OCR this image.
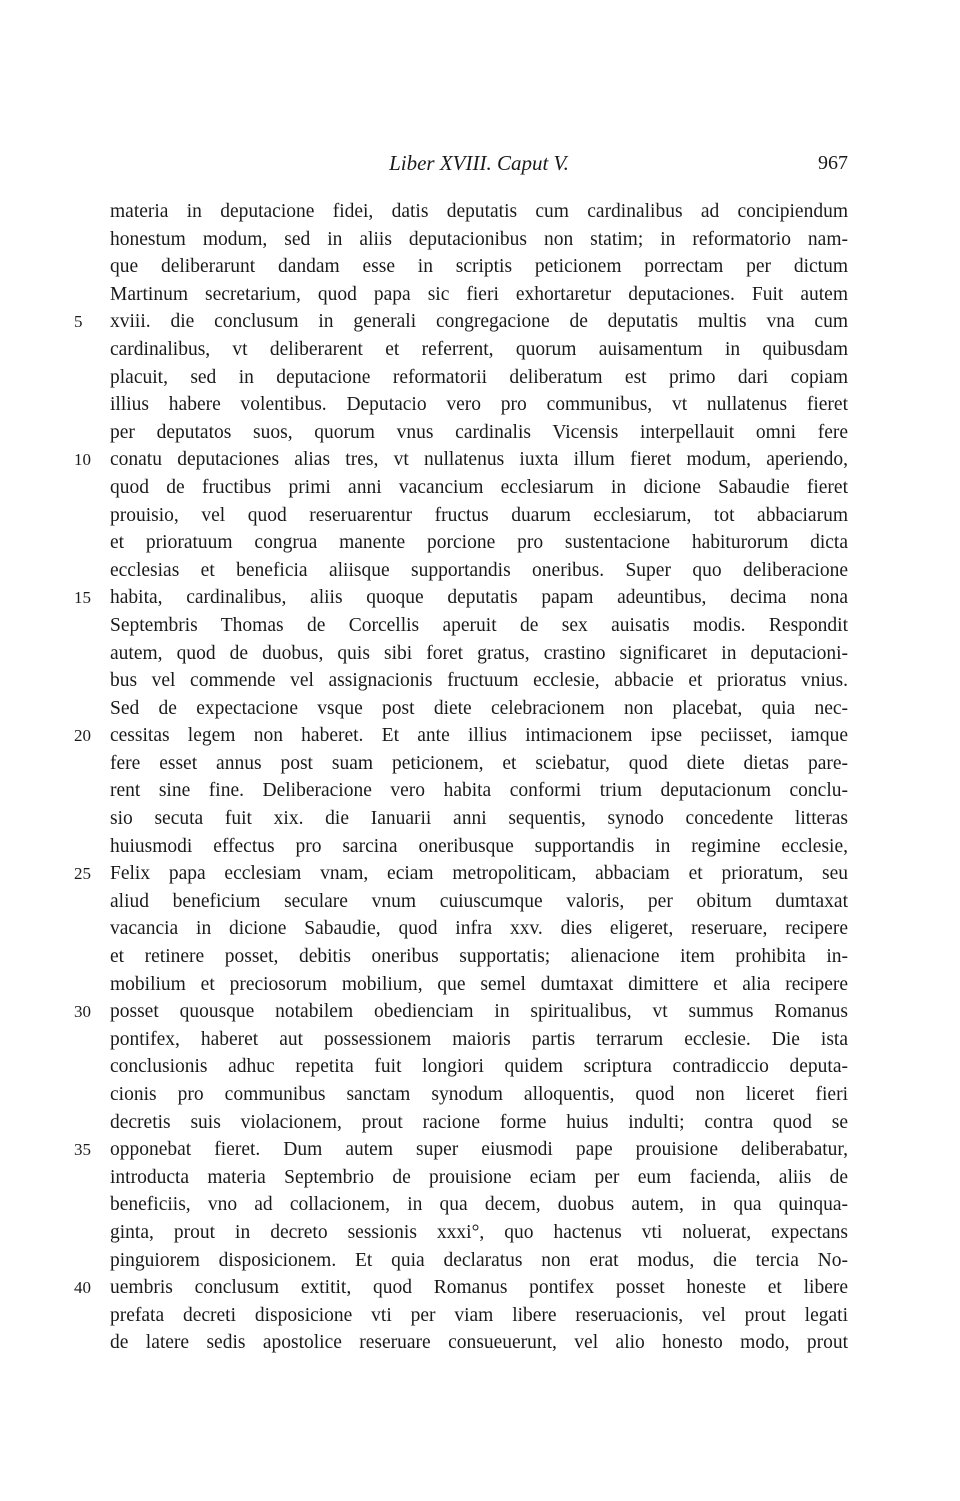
Liber XVIII. Caput V.	967
materia in deputacione fidei, datis deputatis cum cardinalibus ad concipiendum
honestum modum, sed in aliis deputacionibus non statim; in reformatorio nam-
que deliberarunt dandam esse in scriptis peticionem porrectam per dictum
Martinum secretarium, quod papa sic fieri exhortaretur deputaciones. Fuit autem
5	xviii. die conclusum in generali congregacione de deputatis multis vna cum
cardinalibus, vt deliberarent et referrent, quorum auisamentum in quibusdam
placuit, sed in deputacione reformatorii deliberatum est primo dari copiam
illius habere volentibus. Deputacio vero pro communibus, vt nullatenus fieret
per deputatos suos, quorum vnus cardinalis Vicensis interpellauit omni fere
10 conatu deputaciones alias tres, vt nullatenus iuxta illum fieret modum, aperiendo,
quod de fructibus primi anni vacancium ecclesiarum in dicione Sabaudie fieret
prouisio, vel quod reseruarentur fructus duarum ecclesiarum, tot abbaciarum
et prioratuum congrua manente porcione pro sustentacione habiturorum dicta
ecclesias et beneficia aliisque supportandis oneribus. Super quo deliberacione
15 habita, cardinalibus, aliis quoque deputatis papam adeuntibus, decima nona
Septembris Thomas de Corcellis aperuit de sex auisatis modis. Respondit
autem, quod de duobus, quis sibi foret gratus, crastino significaret in deputacioni-
bus vel commende vel assignacionis fructuum ecclesie, abbacie et prioratus vnius.
Sed de expectacione vsque post diete celebracionem non placebat, quia nec-
20 cessitas legem non haberet. Et ante illius intimacionem ipse peciisset, iamque
fere esset annus post suam peticionem, et sciebatur, quod diete dietas pare-
rent sine fine. Deliberacione vero habita conformi trium deputacionum conclu-
sio secuta fuit xix. die Ianuarii anni sequentis, synodo concedente litteras
huiusmodi effectus pro sarcina oneribusque supportandis in regimine ecclesie,
25 Felix papa ecclesiam vnam, eciam metropoliticam, abbaciam et prioratum, seu
aliud beneficium seculare vnum cuiuscumque valoris, per obitum dumtaxat
vacancia in dicione Sabaudie, quod infra xxv. dies eligeret, reseruare, recipere
et retinere posset, debitis oneribus supportatis; alienacione item prohibita in-
mobilium et preciosorum mobilium, que semel dumtaxat dimittere et alia recipere
30 posset quousque notabilem obedienciam in spiritualibus, vt summus Romanus
pontifex, haberet aut possessionem maioris partis terrarum ecclesie. Die ista
conclusionis adhuc repetita fuit longiori quidem scriptura contradiccio deputa-
cionis pro communibus sanctam synodum alloquentis, quod non liceret fieri
decretis suis violacionem, prout racione forme huius indulti; contra quod se
35 opponebat fieret. Dum autem super eiusmodi pape prouisione deliberabatur,
introducta materia Septembrio de prouisione eciam per eum facienda, aliis de
beneficiis, vno ad collacionem, in qua decem, duobus autem, in qua quinqua-
ginta, prout in decreto sessionis xxxi°, quo hactenus vti noluerat, expectans
pinguiorem disposicionem. Et quia declaratus non erat modus, die tercia No-
40 uembris conclusum extitit, quod Romanus pontifex posset honeste et libere
prefata decreti disposicione vti per viam libere reseruacionis, vel prout legati
de latere sedis apostolice reseruare consueuerunt, vel alio honesto modo, prout
